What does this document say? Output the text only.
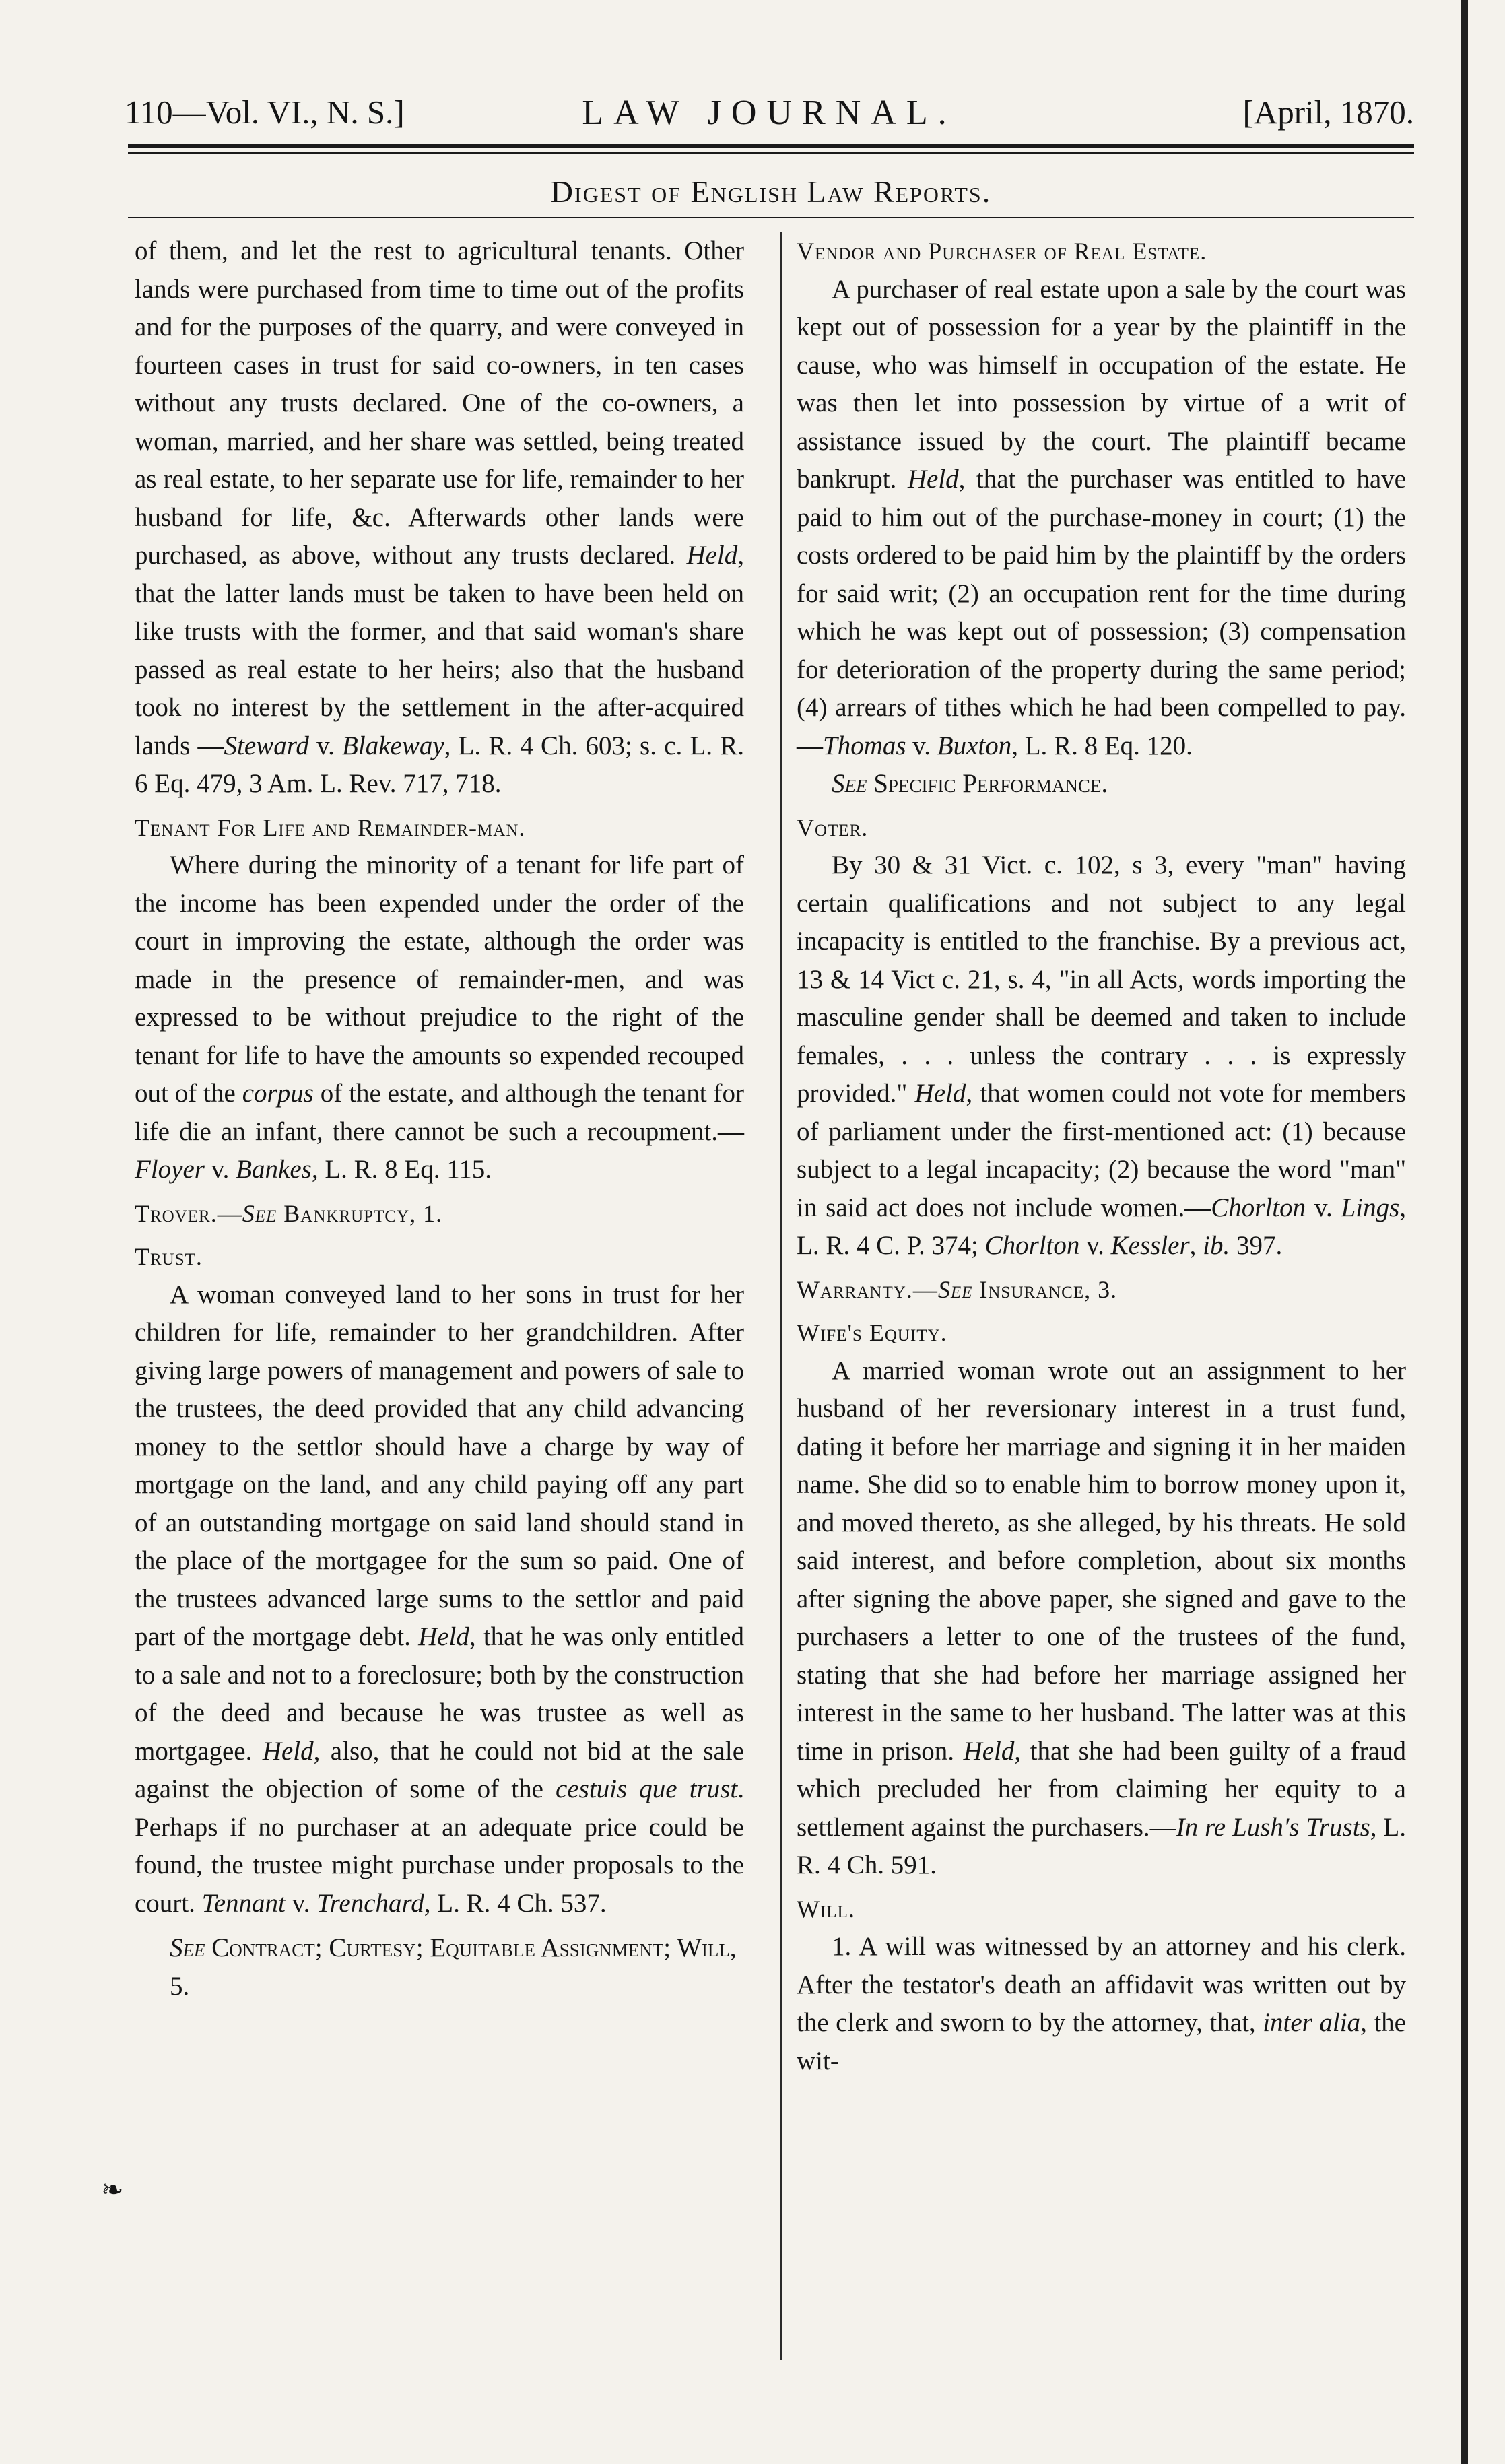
LAW JOURNAL.
110—Vol. VI., N. S.]	[April, 1870.
Digest of English Law Reports.

of them, and let the rest to agricultural tenants. Other lands were purchased from time to time out of the profits and for the purposes of the quarry, and were conveyed in fourteen cases in trust for said co-owners, in ten cases without any trusts declared. One of the co-owners, a woman, married, and her share was settled, being treated as real estate, to her separate use for life, remainder to her husband for life, &c. Afterwards other lands were purchased, as above, without any trusts declared. Held, that the latter lands must be taken to have been held on like trusts with the former, and that said woman's share passed as real estate to her heirs; also that the husband took no interest by the settlement in the after-acquired lands —Steward v. Blakeway, L. R. 4 Ch. 603; s. c. L. R. 6 Eq. 479, 3 Am. L. Rev. 717, 718.

Tenant For Life and Remainder-man.

Where during the minority of a tenant for life part of the income has been expended under the order of the court in improving the estate, although the order was made in the presence of remainder-men, and was expressed to be without prejudice to the right of the tenant for life to have the amounts so expended recouped out of the corpus of the estate, and although the tenant for life die an infant, there cannot be such a recoupment.—Floyer v. Bankes, L. R. 8 Eq. 115.

Trover.—See Bankruptcy, 1.

Trust.

A woman conveyed land to her sons in trust for her children for life, remainder to her grandchildren. After giving large powers of management and powers of sale to the trustees, the deed provided that any child advancing money to the settlor should have a charge by way of mortgage on the land, and any child paying off any part of an outstanding mortgage on said land should stand in the place of the mortgagee for the sum so paid. One of the trustees advanced large sums to the settlor and paid part of the mortgage debt. Held, that he was only entitled to a sale and not to a foreclosure; both by the construction of the deed and because he was trustee as well as mortgagee. Held, also, that he could not bid at the sale against the objection of some of the cestuis que trust. Perhaps if no purchaser at an adequate price could be found, the trustee might purchase under proposals to the court. Tennant v. Trenchard, L. R. 4 Ch. 537.

See Contract; Curtesy; Equitable Assignment; Will, 5.

Vendor and Purchaser of Real Estate.

A purchaser of real estate upon a sale by the court was kept out of possession for a year by the plaintiff in the cause, who was himself in occupation of the estate. He was then let into possession by virtue of a writ of assistance issued by the court. The plaintiff became bankrupt. Held, that the purchaser was entitled to have paid to him out of the purchase-money in court; (1) the costs ordered to be paid him by the plaintiff by the orders for said writ; (2) an occupation rent for the time during which he was kept out of possession; (3) compensation for deterioration of the property during the same period; (4) arrears of tithes which he had been compelled to pay.—Thomas v. Buxton, L. R. 8 Eq. 120.

See Specific Performance.

Voter.

By 30 & 31 Vict. c. 102, s 3, every "man" having certain qualifications and not subject to any legal incapacity is entitled to the franchise. By a previous act, 13 & 14 Vict c. 21, s. 4, "in all Acts, words importing the masculine gender shall be deemed and taken to include females, . . . unless the contrary . . . is expressly provided." Held, that women could not vote for members of parliament under the first-mentioned act: (1) because subject to a legal incapacity; (2) because the word "man" in said act does not include women.—Chorlton v. Lings, L. R. 4 C. P. 374; Chorlton v. Kessler, ib. 397.

Warranty.—See Insurance, 3.

Wife's Equity.

A married woman wrote out an assignment to her husband of her reversionary interest in a trust fund, dating it before her marriage and signing it in her maiden name. She did so to enable him to borrow money upon it, and moved thereto, as she alleged, by his threats. He sold said interest, and before completion, about six months after signing the above paper, she signed and gave to the purchasers a letter to one of the trustees of the fund, stating that she had before her marriage assigned her interest in the same to her husband. The latter was at this time in prison. Held, that she had been guilty of a fraud which precluded her from claiming her equity to a settlement against the purchasers.—In re Lush's Trusts, L. R. 4 Ch. 591.

Will.

1. A will was witnessed by an attorney and his clerk. After the testator's death an affidavit was written out by the clerk and sworn to by the attorney, that, inter alia, the wit-

❧
